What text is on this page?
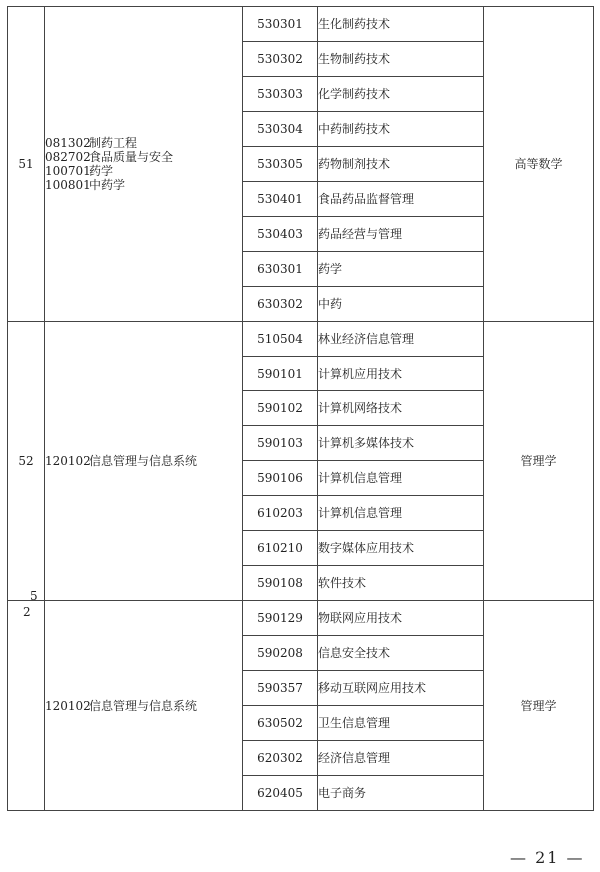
51	081302制药工程
082702食品质量与安全
100701药学
100801中药学	530301	生化制药技术	高等数学
		530302	生物制药技术	
		530303	化学制药技术	
		530304	中药制药技术	
		530305	药物制剂技术	
		530401	食品药品监督管理	
		530403	药品经营与管理	
		630301	药学	
		630302	中药	
52	120102信息管理与信息系统	510504	林业经济信息管理	管理学
		590101	计算机应用技术	
		590102	计算机网络技术	
		590103	计算机多媒体技术	
		590106	计算机信息管理	
		610203	计算机信息管理	
		610210	数字媒体应用技术	
		590108	软件技术	

5
2	120102信息管理与信息系统	590129	物联网应用技术	管理学
		590208	信息安全技术	
		590357	移动互联网应用技术	
		630502	卫生信息管理	
		620302	经济信息管理	
		620405	电子商务	
— 21 —
